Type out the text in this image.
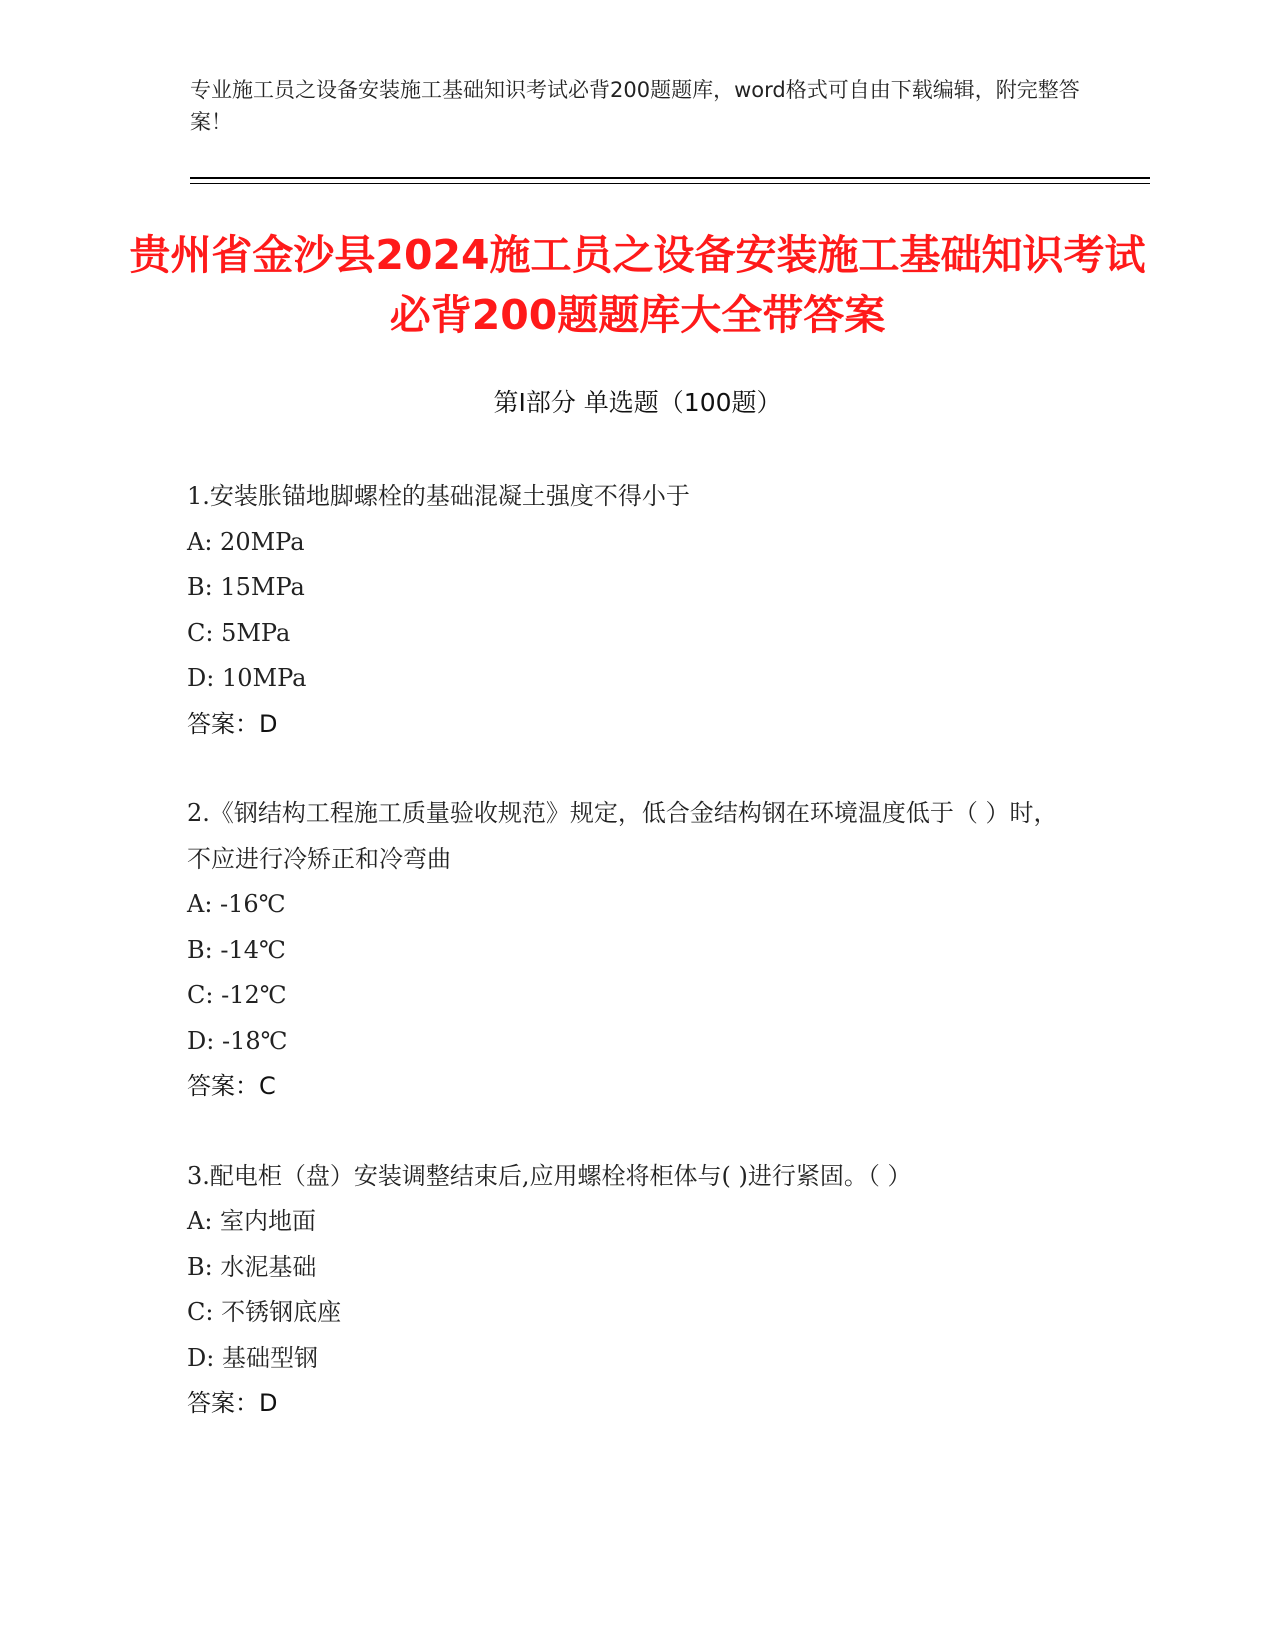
专业施工员之设备安装施工基础知识考试必背200题题库，word格式可自由下载编辑，附完整答案！
贵州省金沙县2024施工员之设备安装施工基础知识考试必背200题题库大全带答案
第Ⅰ部分 单选题（100题）
1.安装胀锚地脚螺栓的基础混凝土强度不得小于
A: 20MPa
B: 15MPa
C: 5MPa
D: 10MPa
答案：D
2.《钢结构工程施工质量验收规范》规定，低合金结构钢在环境温度低于（ ）时，不应进行冷矫正和冷弯曲
A: -16℃
B: -14℃
C: -12℃
D: -18℃
答案：C
3.配电柜（盘）安装调整结束后,应用螺栓将柜体与( )进行紧固。（ ）
A: 室内地面
B: 水泥基础
C: 不锈钢底座
D: 基础型钢
答案：D
